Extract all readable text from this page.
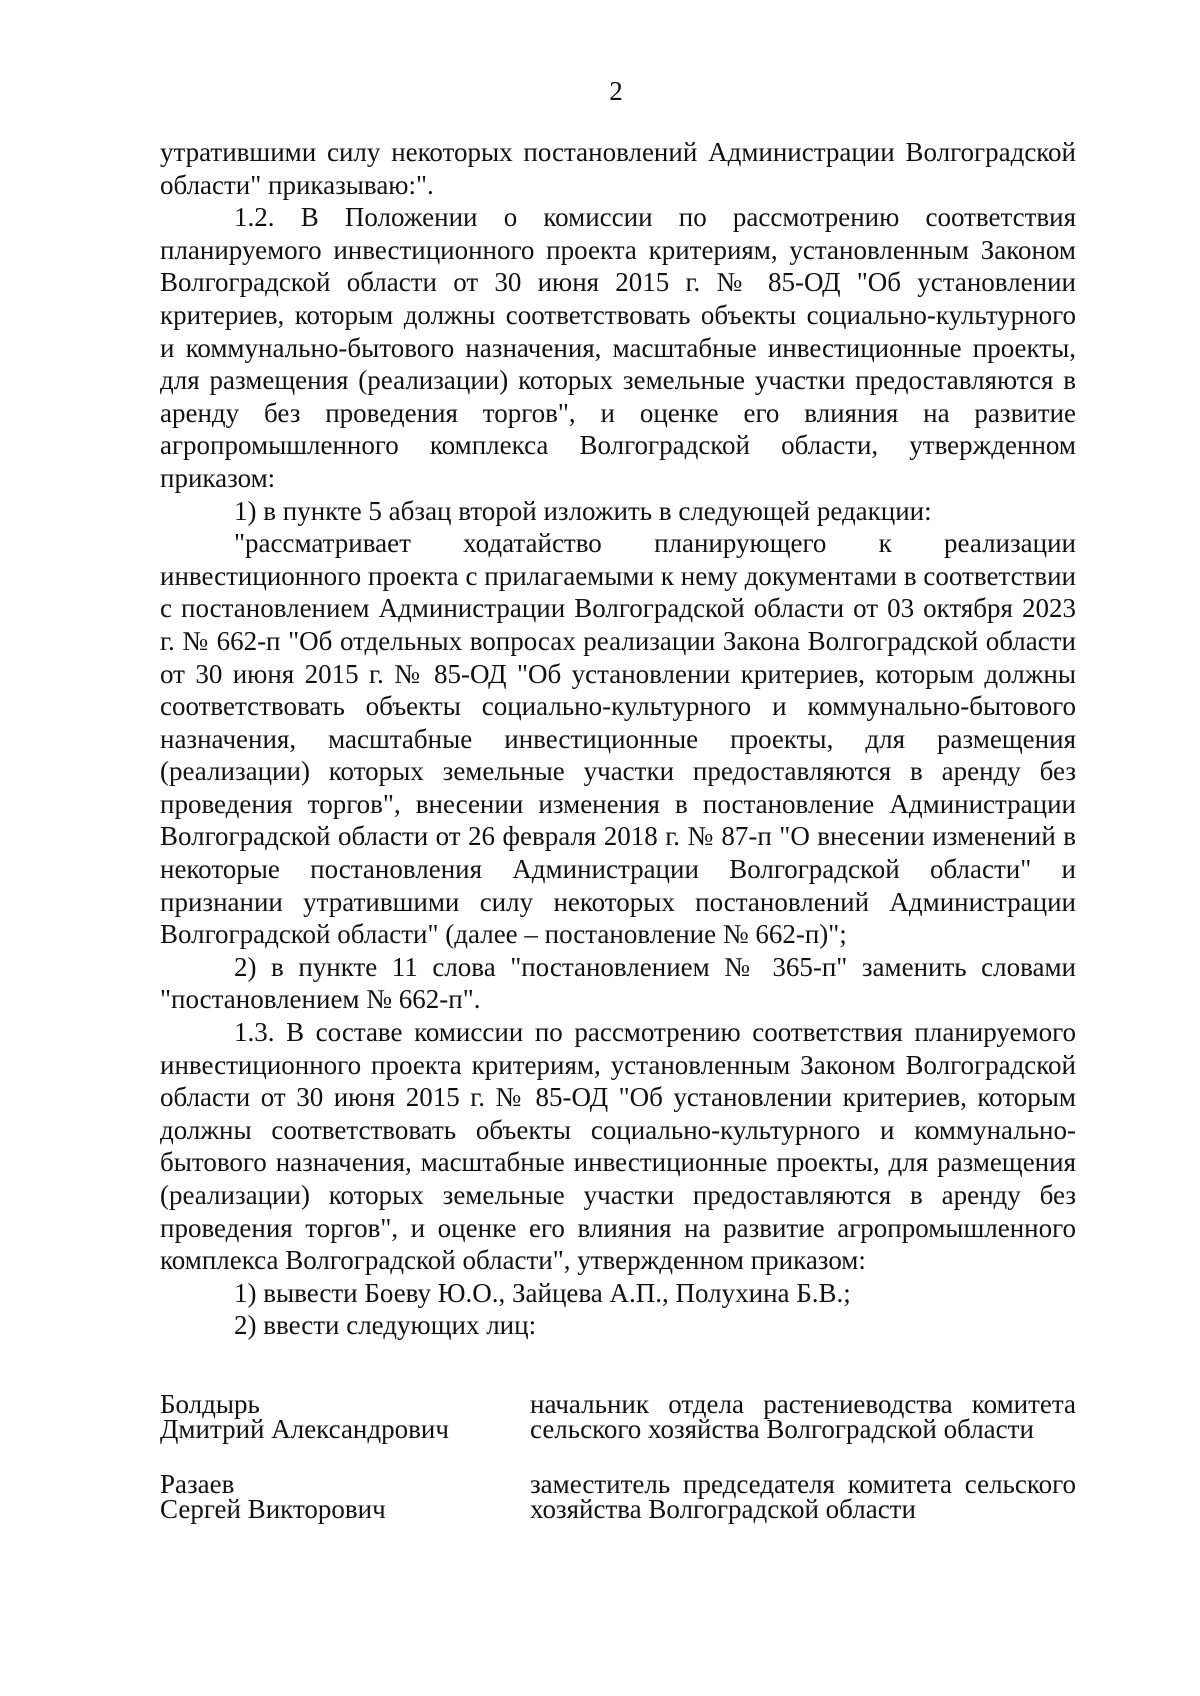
2

утратившими силу некоторых постановлений Администрации Волгоградской области" приказываю:".

1.2. В Положении о комиссии по рассмотрению соответствия планируемого инвестиционного проекта критериям, установленным Законом Волгоградской области от 30 июня 2015 г. № 85-ОД "Об установлении критериев, которым должны соответствовать объекты социально-культурного и коммунально-бытового назначения, масштабные инвестиционные проекты, для размещения (реализации) которых земельные участки предоставляются в аренду без проведения торгов", и оценке его влияния на развитие агропромышленного комплекса Волгоградской области, утвержденном приказом:

1) в пункте 5 абзац второй изложить в следующей редакции:

"рассматривает ходатайство планирующего к реализации инвестиционного проекта с прилагаемыми к нему документами в соответствии с постановлением Администрации Волгоградской области от 03 октября 2023 г. № 662-п "Об отдельных вопросах реализации Закона Волгоградской области от 30 июня 2015 г. № 85-ОД "Об установлении критериев, которым должны соответствовать объекты социально-культурного и коммунально-бытового назначения, масштабные инвестиционные проекты, для размещения (реализации) которых земельные участки предоставляются в аренду без проведения торгов", внесении изменения в постановление Администрации Волгоградской области от 26 февраля 2018 г. № 87-п "О внесении изменений в некоторые постановления Администрации Волгоградской области" и признании утратившими силу некоторых постановлений Администрации Волгоградской области" (далее – постановление № 662-п)";

2) в пункте 11 слова "постановлением № 365-п" заменить словами "постановлением № 662-п".

1.3. В составе комиссии по рассмотрению соответствия планируемого инвестиционного проекта критериям, установленным Законом Волгоградской области от 30 июня 2015 г. № 85-ОД "Об установлении критериев, которым должны соответствовать объекты социально-культурного и коммунально-бытового назначения, масштабные инвестиционные проекты, для размещения (реализации) которых земельные участки предоставляются в аренду без проведения торгов", и оценке его влияния на развитие агропромышленного комплекса Волгоградской области", утвержденном приказом:

1) вывести Боеву Ю.О., Зайцева А.П., Полухина Б.В.;

2) ввести следующих лиц:

Болдырь
Дмитрий Александрович
начальник отдела растениеводства комитета сельского хозяйства Волгоградской области
Разаев
Сергей Викторович
заместитель председателя комитета сельского хозяйства Волгоградской области
